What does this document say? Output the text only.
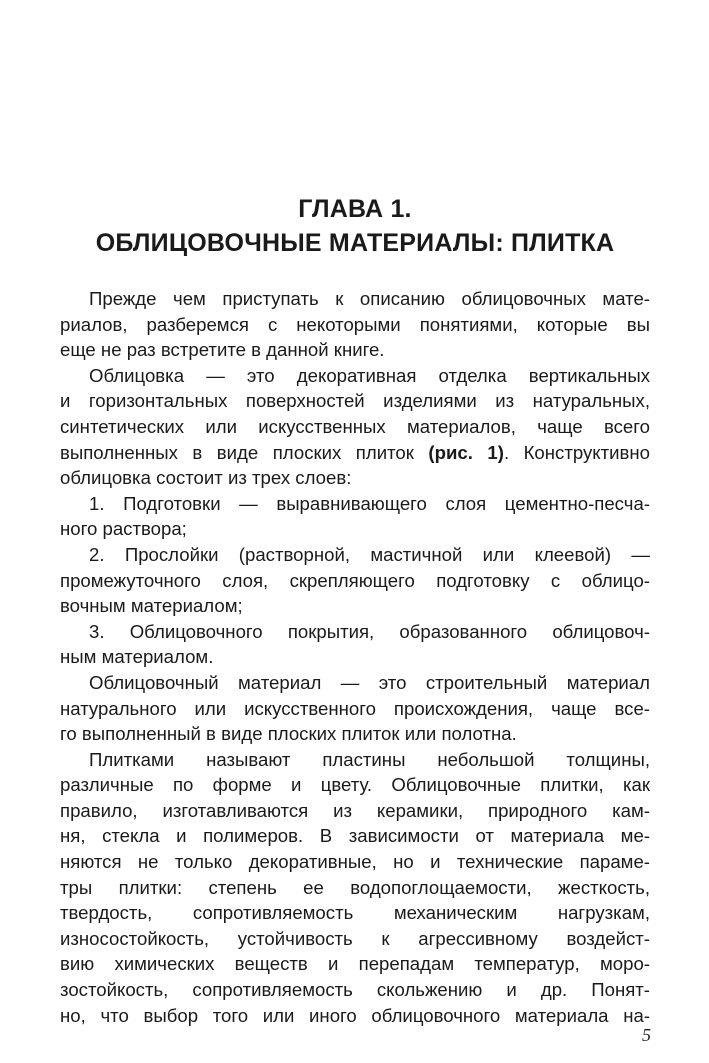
ГЛАВА 1.
ОБЛИЦОВОЧНЫЕ МАТЕРИАЛЫ: ПЛИТКА
Прежде чем приступать к описанию облицовочных мате-
риалов, разберемся с некоторыми понятиями, которые вы
еще не раз встретите в данной книге.
Облицовка — это декоративная отделка вертикальных
и горизонтальных поверхностей изделиями из натуральных,
синтетических или искусственных материалов, чаще всего
выполненных в виде плоских плиток (рис. 1). Конструктивно
облицовка состоит из трех слоев:
1. Подготовки — выравнивающего слоя цементно-песча-
ного раствора;
2. Прослойки (растворной, мастичной или клеевой) —
промежуточного слоя, скрепляющего подготовку с облицо-
вочным материалом;
3. Облицовочного покрытия, образованного облицовоч-
ным материалом.
Облицовочный материал — это строительный материал
натурального или искусственного происхождения, чаще все-
го выполненный в виде плоских плиток или полотна.
Плитками называют пластины небольшой толщины,
различные по форме и цвету. Облицовочные плитки, как
правило, изготавливаются из керамики, природного кам-
ня, стекла и полимеров. В зависимости от материала ме-
няются не только декоративные, но и технические параме-
тры плитки: степень ее водопоглощаемости, жесткость,
твердость, сопротивляемость механическим нагрузкам,
износостойкость, устойчивость к агрессивному воздейст-
вию химических веществ и перепадам температур, моро-
зостойкость, сопротивляемость скольжению и др. Понят-
но, что выбор того или иного облицовочного материала на-
5
